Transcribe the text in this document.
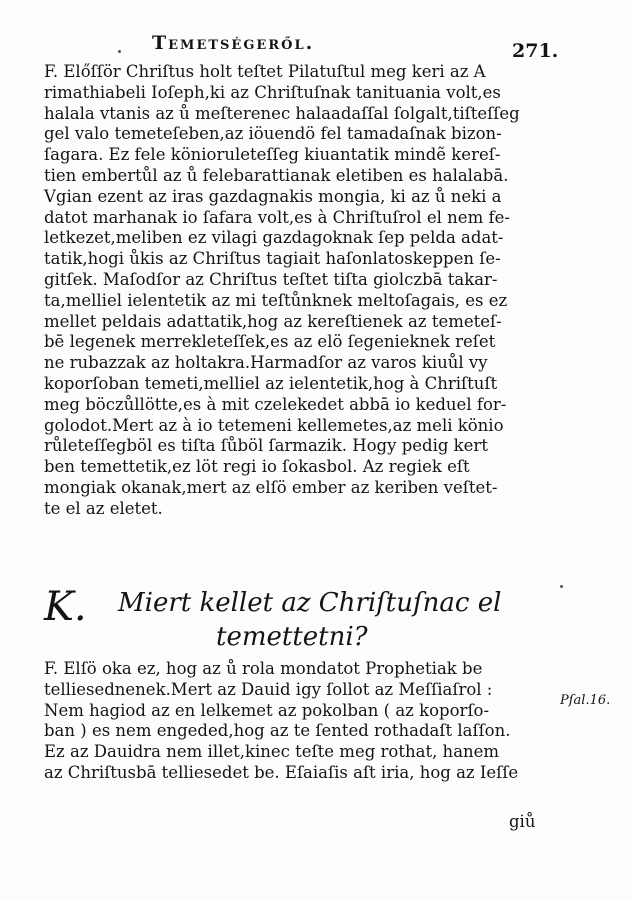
Temetségeről.	271.
F. Előſſör Chriſtus holt teſtet Pilatuſtul meg keri az A
rimathiabeli Ioſeph,ki az Chriſtuſnak tanituania volt,es
halala vtanis az ů meſterenec halaadaſſal ſolgalt,tiſteſſeg
gel valo temeteſeben,az iöuendö fel tamadaſnak bizon-
ſagara. Ez fele könioruleteſſeg kiuantatik mindẽ kereſ-
tien embertůl az ů felebarattianak eletiben es halalabā.
Vgian ezent az iras gazdagnakis mongia, ki az ů neki a
datot marhanak io ſafara volt,es à Chriſtuſrol el nem fe-
letkezet,meliben ez vilagi gazdagoknak ſep pelda adat-
tatik,hogi ůkis az Chriſtus tagiait haſonlatoskeppen ſe-
gitſek. Maſodſor az Chriſtus teſtet tiſta giolczbā takar-
ta,melliel ielentetik az mi teſtůnknek meltoſagais, es ez
mellet peldais adattatik,hog az kereſtienek az temeteſ-
bē legenek merrekleteſſek,es az elö ſegenieknek reſet
ne rubazzak az holtakra.Harmadſor az varos kiuůl vy
koporſoban temeti,melliel az ielentetik,hog à Chriſtuſt
meg böczůllötte,es à mit czelekedet abbā io keduel for-
golodot.Mert az à io tetemeni kellemetes,az meli könio
růleteſſegböl es tiſta ſůböl ſarmazik. Hogy pedig kert
ben temettetik,ez löt regi io ſokasbol. Az regiek eſt
mongiak okanak,mert az elſö ember az keriben veſtet-
te el az eletet.
K. Miert kellet az Chriſtuſnac el
temettetni?
F. Elſö oka ez, hog az ů rola mondatot Prophetiak be
telliesednenek.Mert az Dauid igy ſollot az Meſſiaſrol :
Nem hagiod az en lelkemet az pokolban ( az koporſo-
ban ) es nem engeded,hog az te ſented rothadaſt laſſon.
Ez az Dauidra nem illet,kinec teſte meg rothat, hanem
az Chriſtusbā telliesedet be. Eſaiaſis aſt iria, hog az Ieſſe
Pſal.16.
giů
